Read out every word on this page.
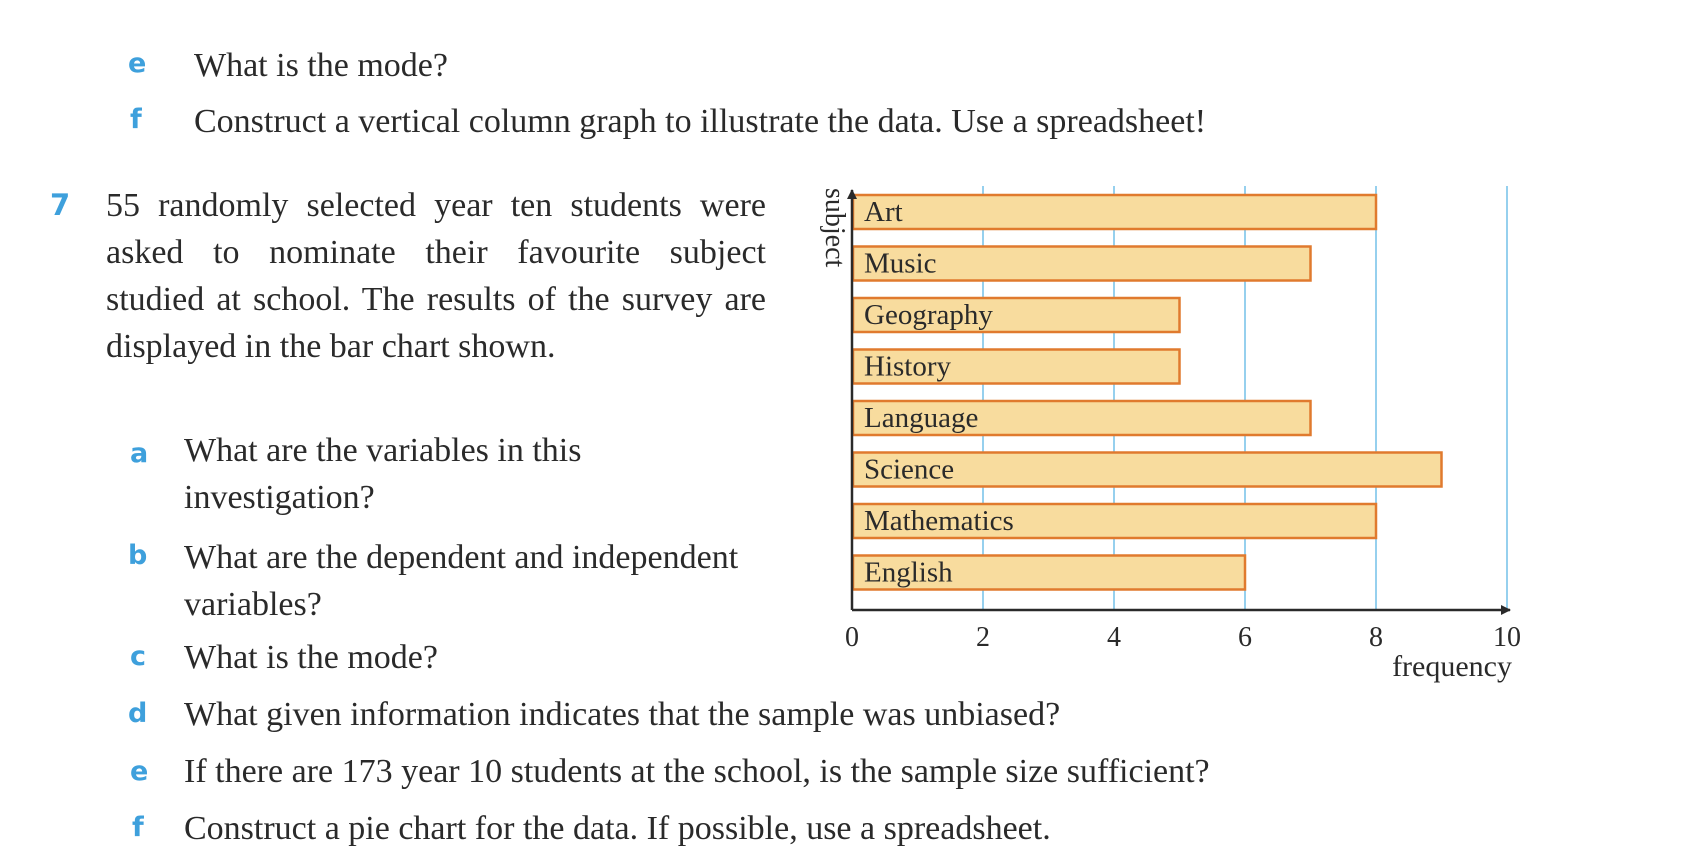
e What is the mode?
f Construct a vertical column graph to illustrate the data. Use a spreadsheet!
7 55 randomly selected year ten students were asked to nominate their favourite subject studied at school. The results of the survey are displayed in the bar chart shown.
a What are the variables in this investigation?
b What are the dependent and independent variables?
c What is the mode?
d What given information indicates that the sample was unbiased?
e If there are 173 year 10 students at the school, is the sample size sufficient?
f Construct a pie chart for the data. If possible, use a spreadsheet.
Art
Music
Geography
History
Language
Science
Mathematics
English
0	2	4	6	8	10
subject
frequency
